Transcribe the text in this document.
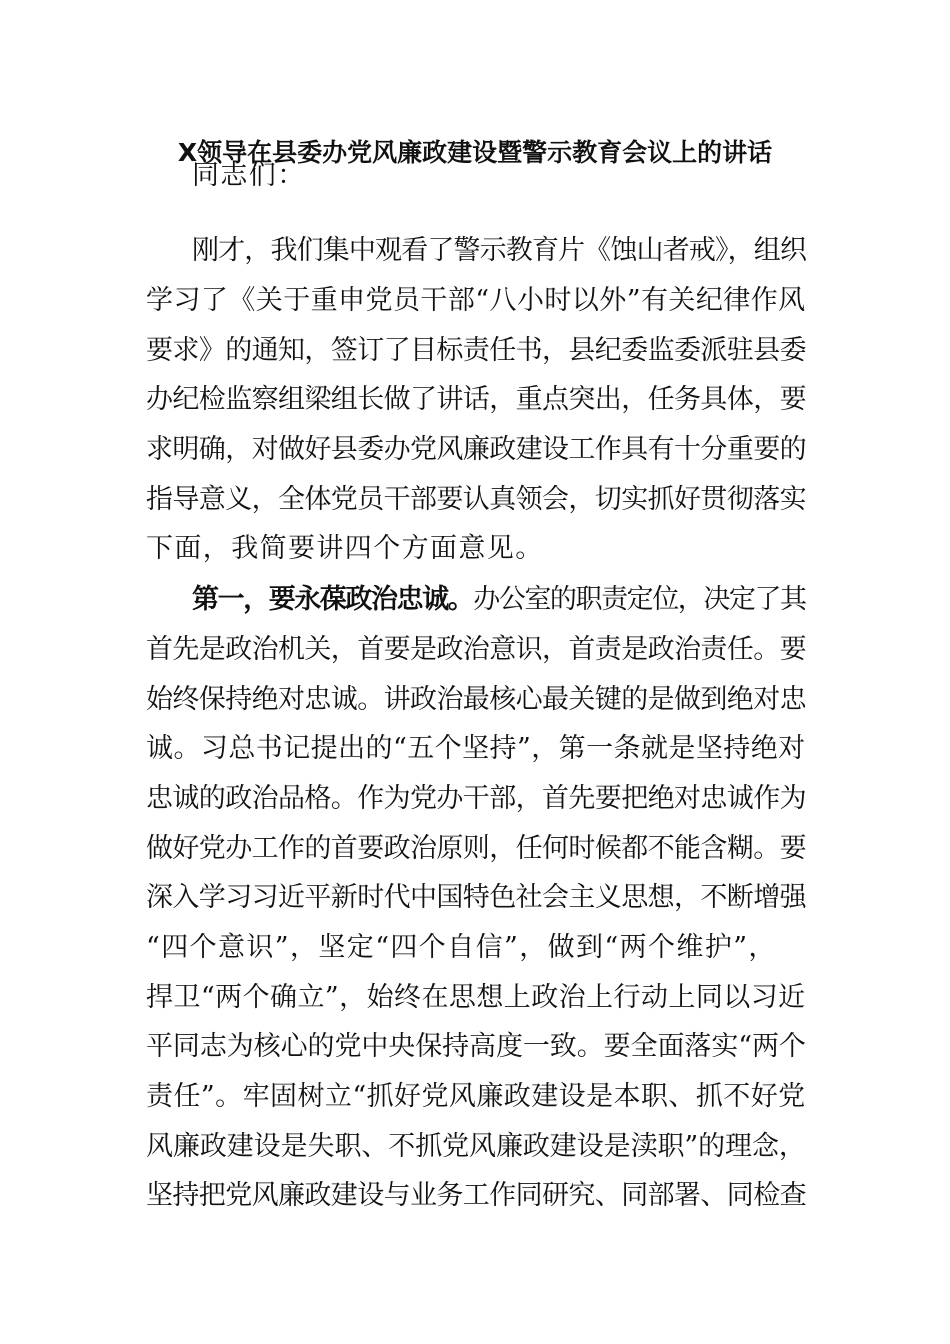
X领导在县委办党风廉政建设暨警示教育会议上的讲话
同志们：
刚才，我们集中观看了警示教育片《蚀山者戒》，组织
学习了《关于重申党员干部“八小时以外”有关纪律作风
要求》的通知，签订了目标责任书，县纪委监委派驻县委
办纪检监察组梁组长做了讲话，重点突出，任务具体，要
求明确，对做好县委办党风廉政建设工作具有十分重要的
指导意义，全体党员干部要认真领会，切实抓好贯彻落实
下面，我简要讲四个方面意见。
第一，要永葆政治忠诚。办公室的职责定位，决定了其
首先是政治机关，首要是政治意识，首责是政治责任。要
始终保持绝对忠诚。讲政治最核心最关键的是做到绝对忠
诚。习总书记提出的“五个坚持”，第一条就是坚持绝对
忠诚的政治品格。作为党办干部，首先要把绝对忠诚作为
做好党办工作的首要政治原则，任何时候都不能含糊。要
深入学习习近平新时代中国特色社会主义思想，不断增强
“四个意识”，坚定“四个自信”，做到“两个维护”，
捍卫“两个确立”，始终在思想上政治上行动上同以习近
平同志为核心的党中央保持高度一致。要全面落实“两个
责任”。牢固树立“抓好党风廉政建设是本职、抓不好党
风廉政建设是失职、不抓党风廉政建设是渎职”的理念，
坚持把党风廉政建设与业务工作同研究、同部署、同检查
